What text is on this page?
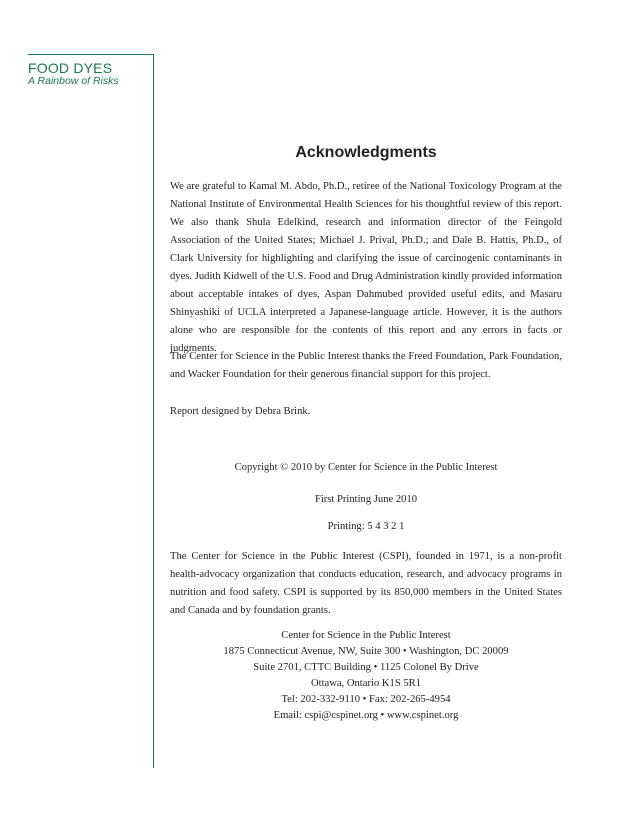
FOOD DYES
A Rainbow of Risks
Acknowledgments

We are grateful to Kamal M. Abdo, Ph.D., retiree of the National Toxicology Program at the National Institute of Environmental Health Sciences for his thoughtful review of this report. We also thank Shula Edelkind, research and information director of the Feingold Association of the United States; Michael J. Prival, Ph.D.; and Dale B. Hattis, Ph.D., of Clark University for highlighting and clarifying the issue of carcinogenic contaminants in dyes. Judith Kidwell of the U.S. Food and Drug Administration kindly provided information about acceptable intakes of dyes, Aspan Dahmubed provided useful edits, and Masaru Shinyashiki of UCLA interpreted a Japanese-language article. However, it is the authors alone who are responsible for the contents of this report and any errors in facts or judgments.

The Center for Science in the Public Interest thanks the Freed Foundation, Park Foundation, and Wacker Foundation for their generous financial support for this project.

Report designed by Debra Brink.

Copyright © 2010 by Center for Science in the Public Interest
First Printing June 2010
Printing: 5 4 3 2 1

The Center for Science in the Public Interest (CSPI), founded in 1971, is a non-profit health-advocacy organization that conducts education, research, and advocacy programs in nutrition and food safety. CSPI is supported by its 850,000 members in the United States and Canada and by foundation grants.

Center for Science in the Public Interest
1875 Connecticut Avenue, NW, Suite 300 • Washington, DC 20009
Suite 2701, CTTC Building • 1125 Colonel By Drive
Ottawa, Ontario K1S 5R1
Tel: 202-332-9110 • Fax: 202-265-4954
Email: cspi@cspinet.org • www.cspinet.org
